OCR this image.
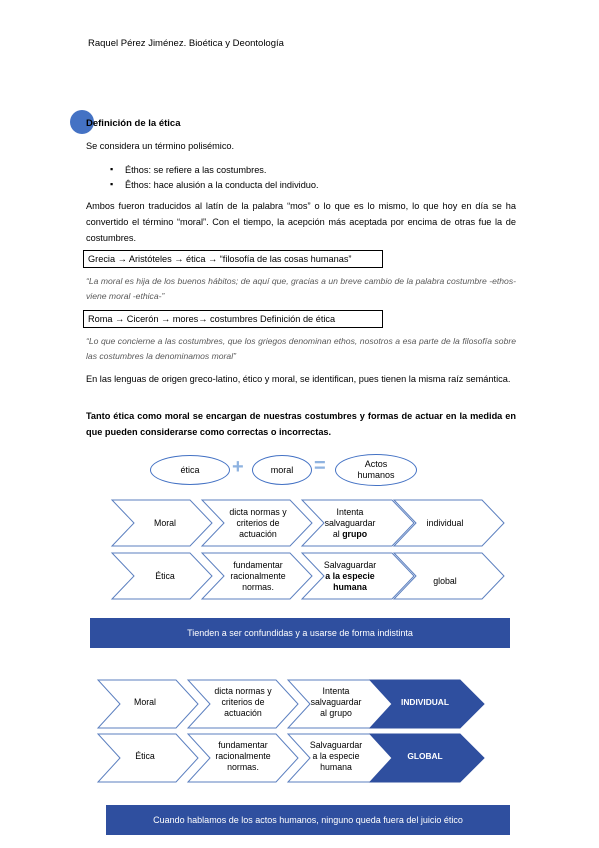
Raquel Pérez Jiménez. Bioética y Deontología
Definición de la ética
Se considera un término polisémico.
▪ Éthos: se refiere a las costumbres.
▪ Êthos: hace alusión a la conducta del individuo.
Ambos fueron traducidos al latín de la palabra “mos” o lo que es lo mismo, lo que hoy en día se ha convertido el término “moral”. Con el tiempo, la acepción más aceptada por encima de otras fue la de costumbres.
Grecia → Aristóteles → ética → “filosofía de las cosas humanas”
“La moral es hija de los buenos hábitos; de aquí que, gracias a un breve cambio de la palabra costumbre -ethos- viene moral -ethica-”
Roma → Cicerón → mores→ costumbres Definición de ética
“Lo que concierne a las costumbres, que los griegos denominan ethos, nosotros a esa parte de la filosofía sobre las costumbres la denominamos moral”
En las lenguas de origen greco-latino, ético y moral, se identifican, pues tienen la misma raíz semántica.
Tanto ética como moral se encargan de nuestras costumbres y formas de actuar en la medida en que pueden considerarse como correctas o incorrectas.
ética +	moral =	Actos
humanos
Moral
dicta normas y
criterios de
actuación
Intenta
salvaguardar
al grupo
individual
Ética
fundamentar
racionalmente
normas.
Salvaguardar
a la especie
humana
global
Tienden a ser confundidas y a usarse de forma indistinta
Moral
dicta normas y
criterios de
actuación
Intenta
salvaguardar
al grupo
INDIVIDUAL
Ética
fundamentar
racionalmente
normas.
Salvaguardar
a la especie
humana
GLOBAL
Cuando hablamos de los actos humanos, ninguno queda fuera del juicio ético
